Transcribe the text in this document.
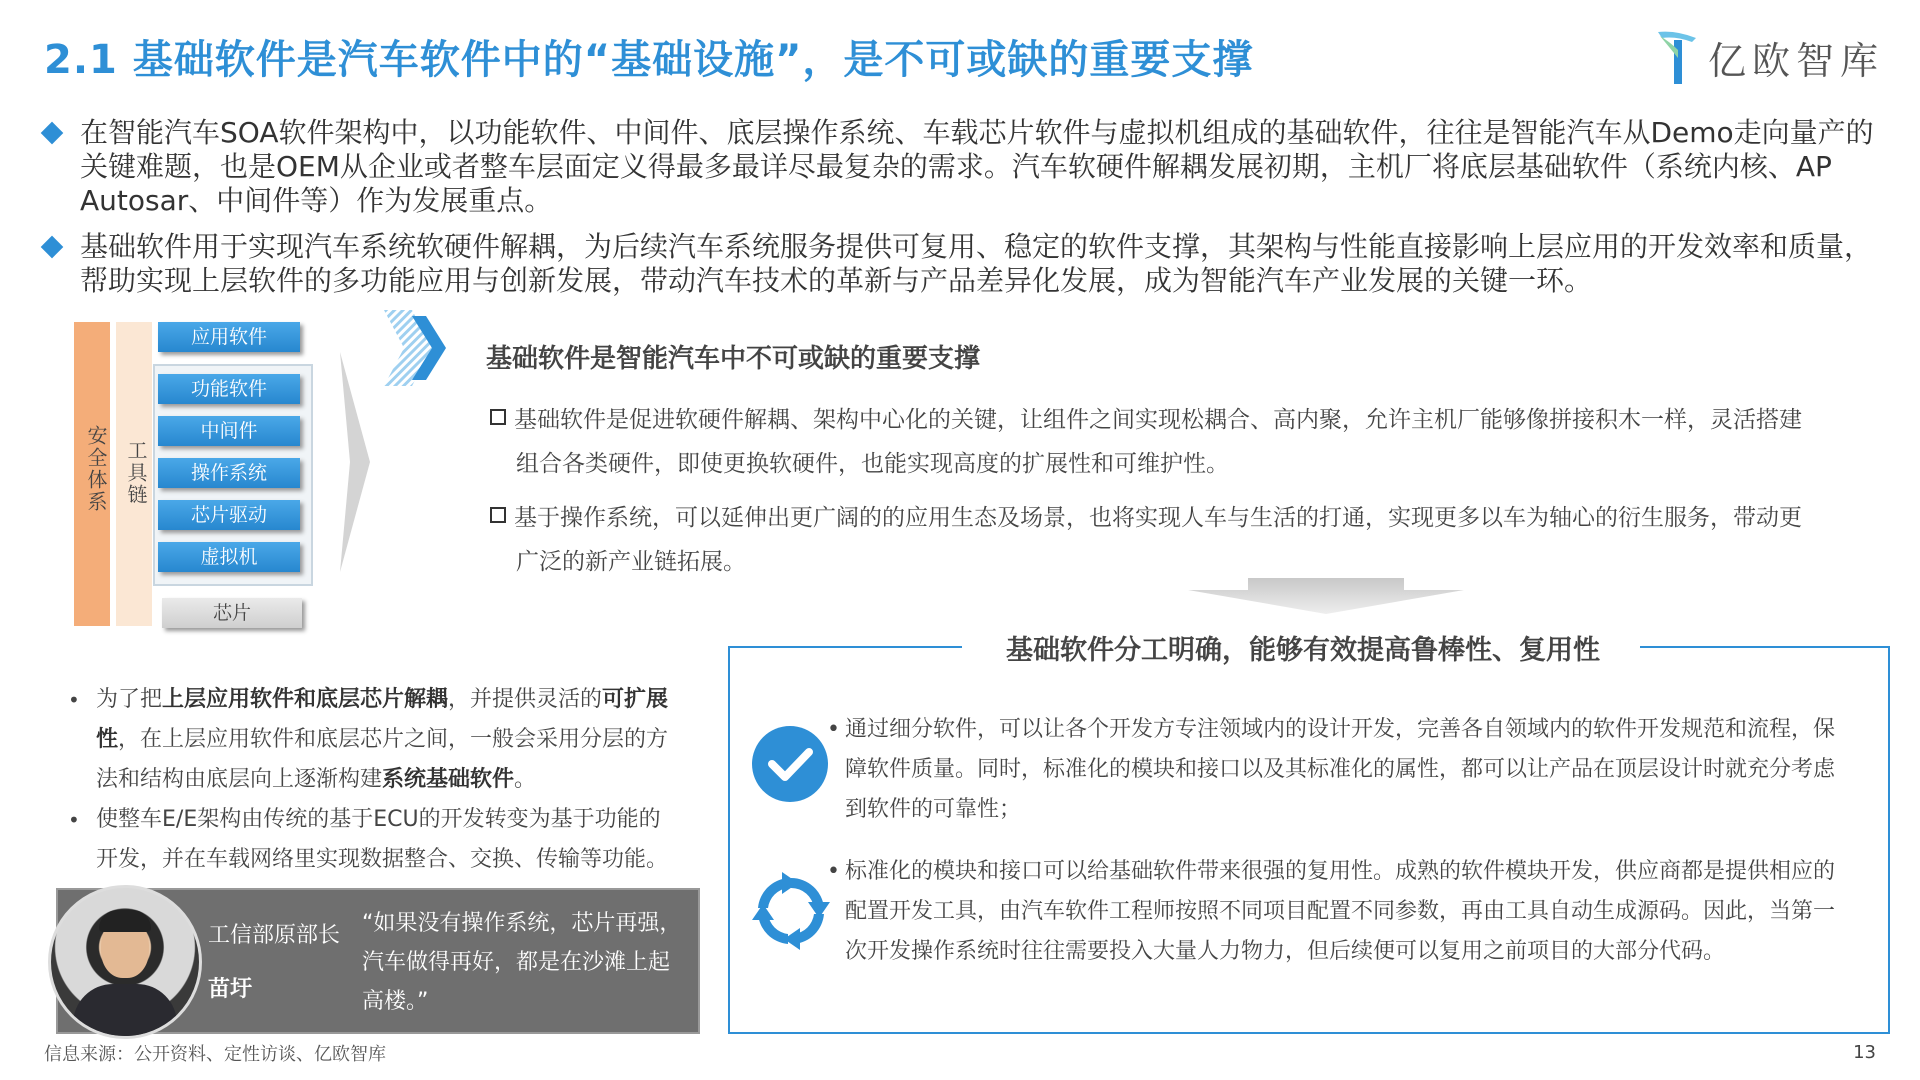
2.1 基础软件是汽车软件中的“基础设施”，是不可或缺的重要支撑	亿欧智库
在智能汽车SOA软件架构中，以功能软件、中间件、底层操作系统、车载芯片软件与虚拟机组成的基础软件，往往是智能汽车从Demo走向量产的关键难题，也是OEM从企业或者整车层面定义得最多最详尽最复杂的需求。汽车软硬件解耦发展初期，主机厂将底层基础软件（系统内核、AP Autosar、中间件等）作为发展重点。
基础软件用于实现汽车系统软硬件解耦，为后续汽车系统服务提供可复用、稳定的软件支撑，其架构与性能直接影响上层应用的开发效率和质量，帮助实现上层软件的多功能应用与创新发展，带动汽车技术的革新与产品差异化发展，成为智能汽车产业发展的关键一环。
安全体系 工具链
应用软件
功能软件
中间件
操作系统
芯片驱动
虚拟机
芯片
基础软件是智能汽车中不可或缺的重要支撑
基础软件是促进软硬件解耦、架构中心化的关键，让组件之间实现松耦合、高内聚，允许主机厂能够像拼接积木一样，灵活搭建
组合各类硬件，即使更换软硬件，也能实现高度的扩展性和可维护性。
基于操作系统，可以延伸出更广阔的的应用生态及场景，也将实现人车与生活的打通，实现更多以车为轴心的衍生服务，带动更
广泛的新产业链拓展。
基础软件分工明确，能够有效提高鲁棒性、复用性
• 通过细分软件，可以让各个开发方专注领域内的设计开发，完善各自领域内的软件开发规范和流程，保障软件质量。同时，标准化的模块和接口以及其标准化的属性，都可以让产品在顶层设计时就充分考虑到软件的可靠性；
• 标准化的模块和接口可以给基础软件带来很强的复用性。成熟的软件模块开发，供应商都是提供相应的配置开发工具，由汽车软件工程师按照不同项目配置不同参数，再由工具自动生成源码。因此，当第一次开发操作系统时往往需要投入大量人力物力，但后续便可以复用之前项目的大部分代码。
• 为了把上层应用软件和底层芯片解耦，并提供灵活的可扩展性，在上层应用软件和底层芯片之间，一般会采用分层的方法和结构由底层向上逐渐构建系统基础软件。
• 使整车E/E架构由传统的基于ECU的开发转变为基于功能的开发，并在车载网络里实现数据整合、交换、传输等功能。
工信部原部长
苗圩
“如果没有操作系统，芯片再强，汽车做得再好，都是在沙滩上起高楼。”
信息来源：公开资料、定性访谈、亿欧智库	13
